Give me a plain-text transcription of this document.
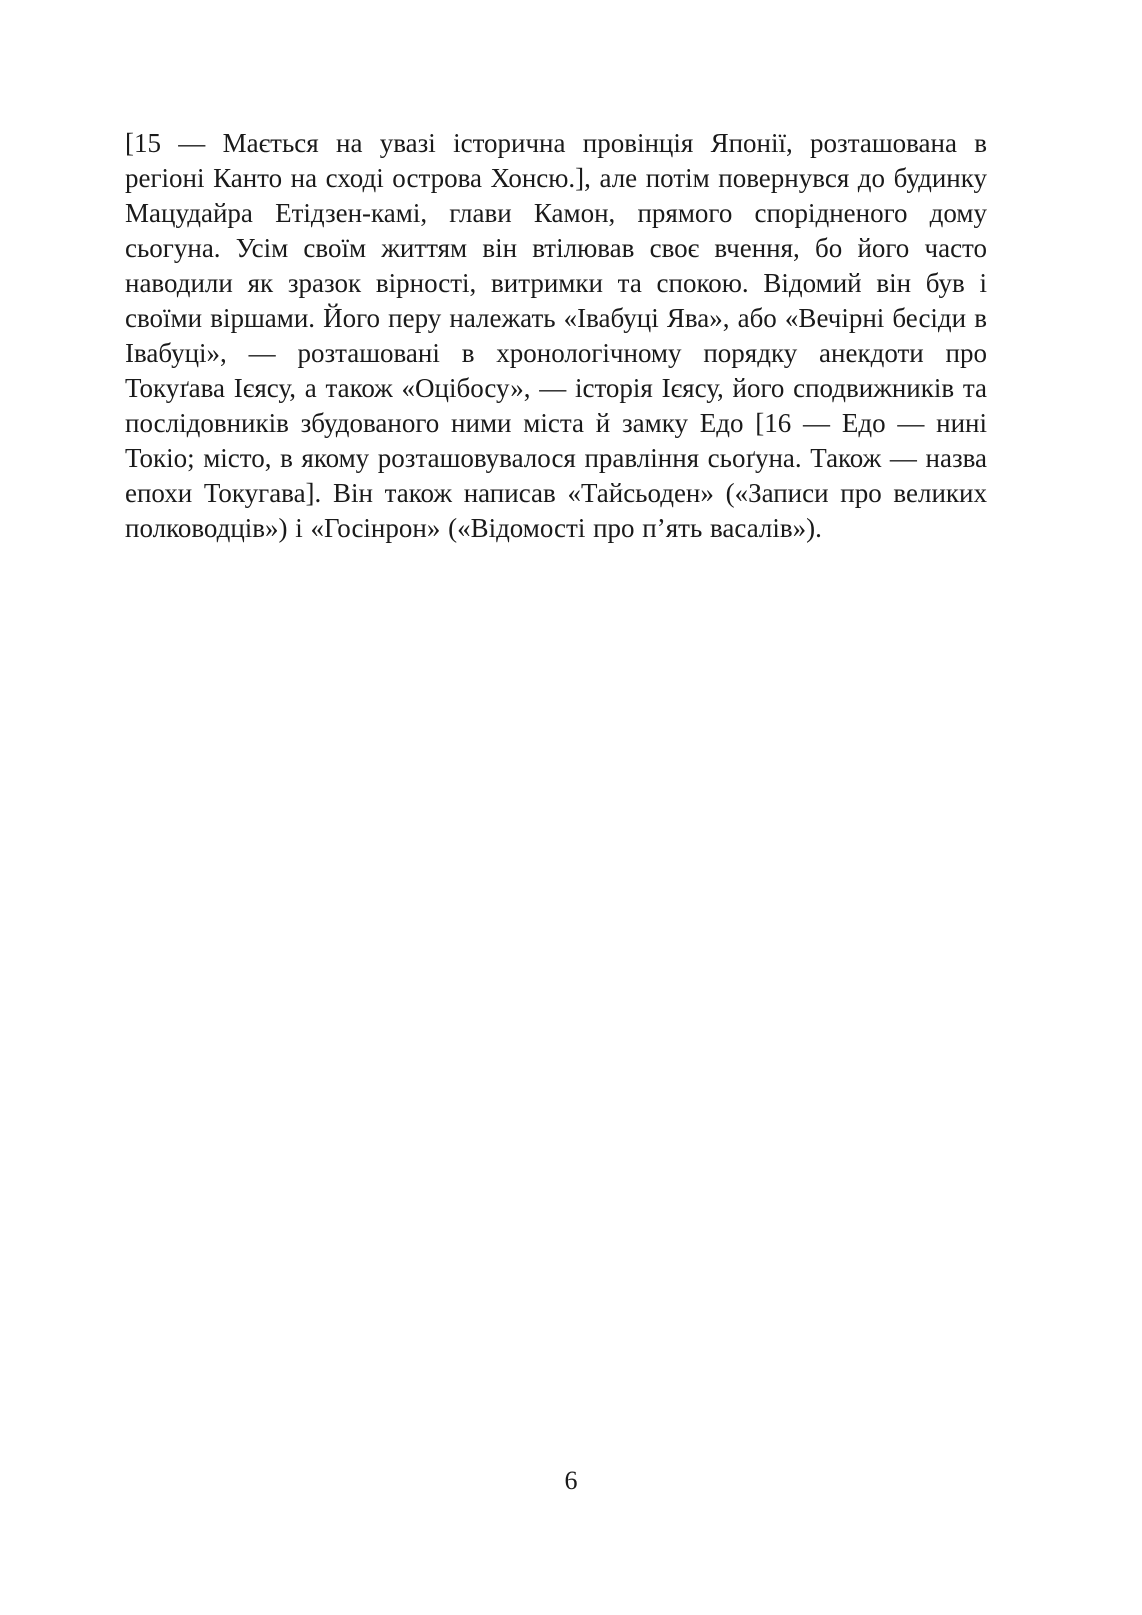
[15 — Мається на увазі історична провінція Японії, розташована в регіоні Канто на сході острова Хонсю.], але потім повернувся до будинку Мацудайра Етідзен-камі, глави Камон, прямого спорідненого дому сьогуна. Усім своїм життям він втілював своє вчення, бо його часто наводили як зразок вірності, витримки та спокою. Відомий він був і своїми віршами. Його перу належать «Івабуці Ява», або «Вечірні бесіди в Івабуці», — розташовані в хронологічному порядку анекдоти про Токуґава Ієясу, а також «Оцібосу», — історія Ієясу, його сподвижників та послідовників збудованого ними міста й замку Едо [16 — Едо — нині Токіо; місто, в якому розташовувалося правління сьоґуна. Також — назва епохи Токугава]. Він також написав «Тайсьоден» («Записи про великих полководців») і «Госінрон» («Відомості про п’ять васалів»).

6
